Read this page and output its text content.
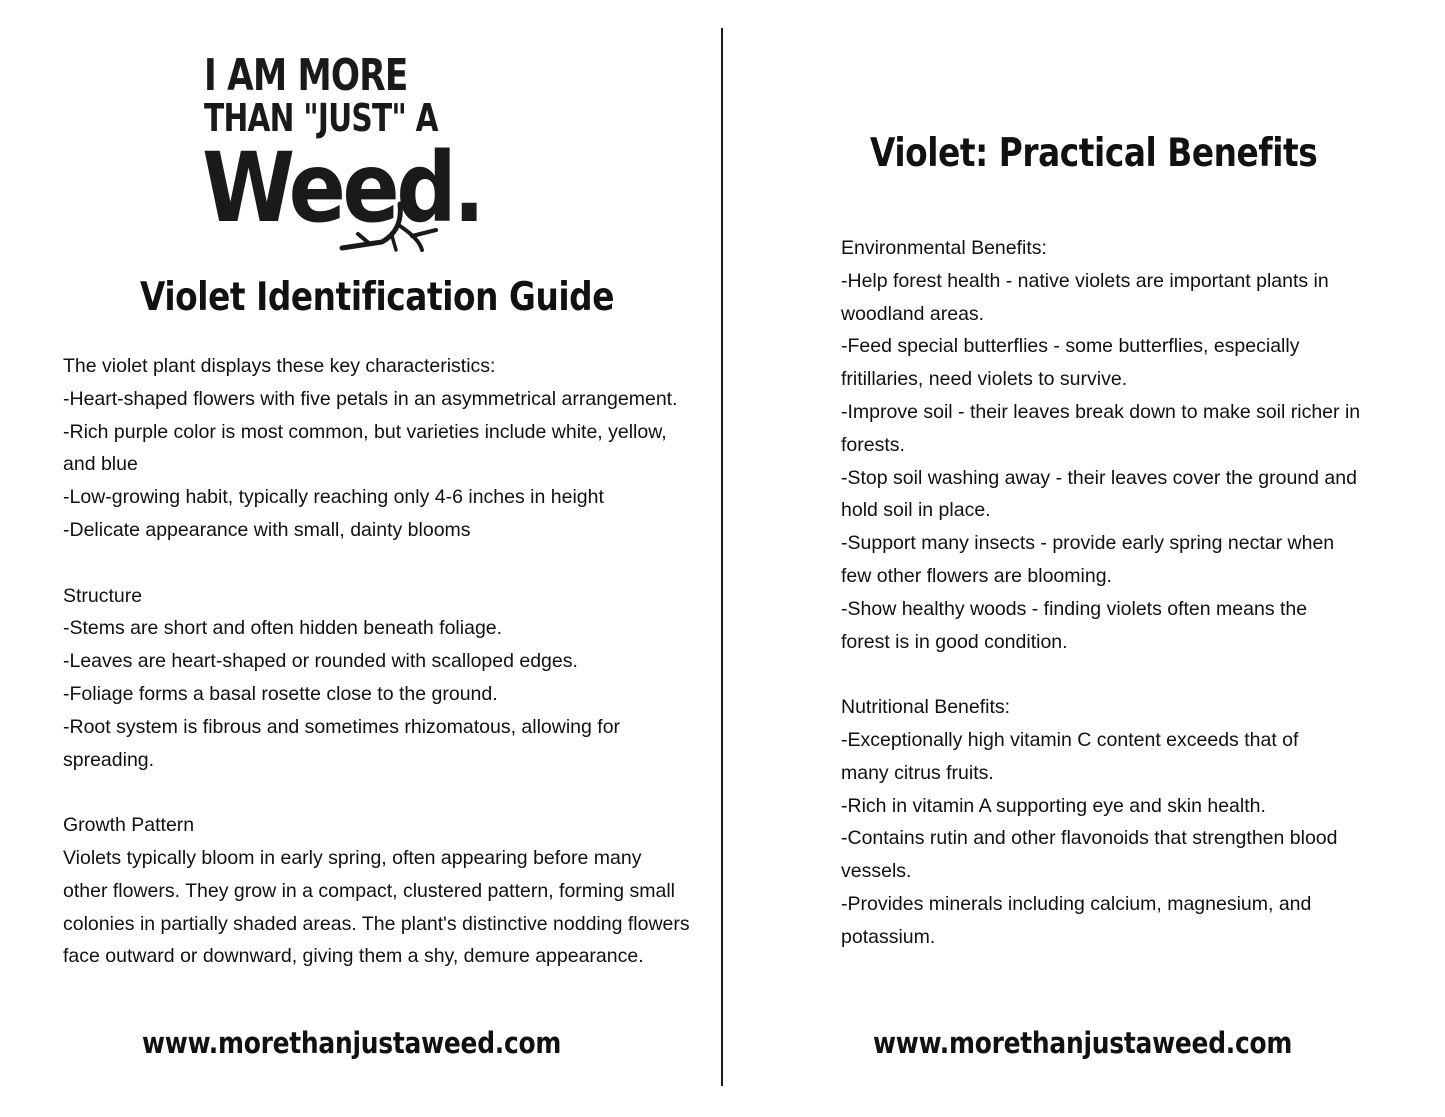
I AM MORE
THAN "JUST" A
Weed.
Violet Identification Guide
The violet plant displays these key characteristics:
-Heart-shaped flowers with five petals in an asymmetrical arrangement.
-Rich purple color is most common, but varieties include white, yellow,
and blue
-Low-growing habit, typically reaching only 4-6 inches in height
-Delicate appearance with small, dainty blooms
Structure
-Stems are short and often hidden beneath foliage.
-Leaves are heart-shaped or rounded with scalloped edges.
-Foliage forms a basal rosette close to the ground.
-Root system is fibrous and sometimes rhizomatous, allowing for
spreading.
Growth Pattern
Violets typically bloom in early spring, often appearing before many
other flowers. They grow in a compact, clustered pattern, forming small
colonies in partially shaded areas. The plant's distinctive nodding flowers
face outward or downward, giving them a shy, demure appearance.
www.morethanjustaweed.com
Violet: Practical Benefits
Environmental Benefits:
-Help forest health - native violets are important plants in
woodland areas.
-Feed special butterflies - some butterflies, especially
fritillaries, need violets to survive.
-Improve soil - their leaves break down to make soil richer in
forests.
-Stop soil washing away - their leaves cover the ground and
hold soil in place.
-Support many insects - provide early spring nectar when
few other flowers are blooming.
-Show healthy woods - finding violets often means the
forest is in good condition.
Nutritional Benefits:
-Exceptionally high vitamin C content exceeds that of
many citrus fruits.
-Rich in vitamin A supporting eye and skin health.
-Contains rutin and other flavonoids that strengthen blood
vessels.
-Provides minerals including calcium, magnesium, and
potassium.
www.morethanjustaweed.com
